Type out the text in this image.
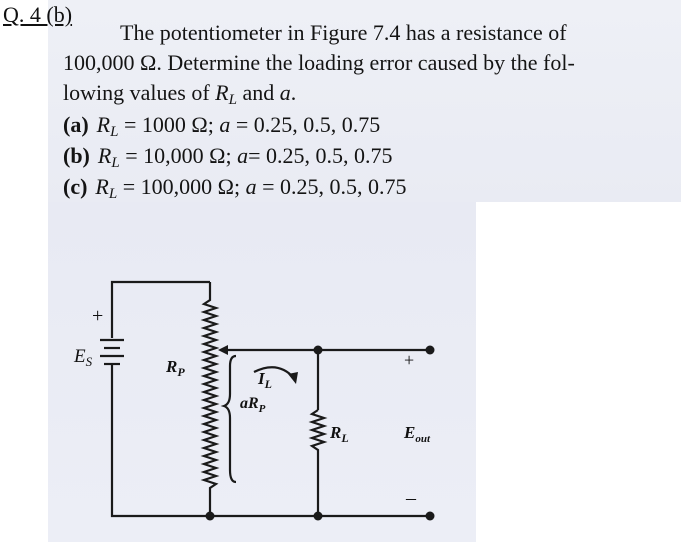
Q. 4 (b)
The potentiometer in Figure 7.4 has a resistance of
100,000 Ω. Determine the loading error caused by the fol-
lowing values of $R_L$ and a.
(a) $R_L = 1000$ Ω; a = 0.25, 0.5, 0.75
(b) $R_L = 10,000$ Ω; a= 0.25, 0.5, 0.75
(c) $R_L = 100,000$ Ω; a = 0.25, 0.5, 0.75
+
$E_S$	$R_P$	$I_L$
$aR_P$
$R_L$
+
$E_{out}$
–
